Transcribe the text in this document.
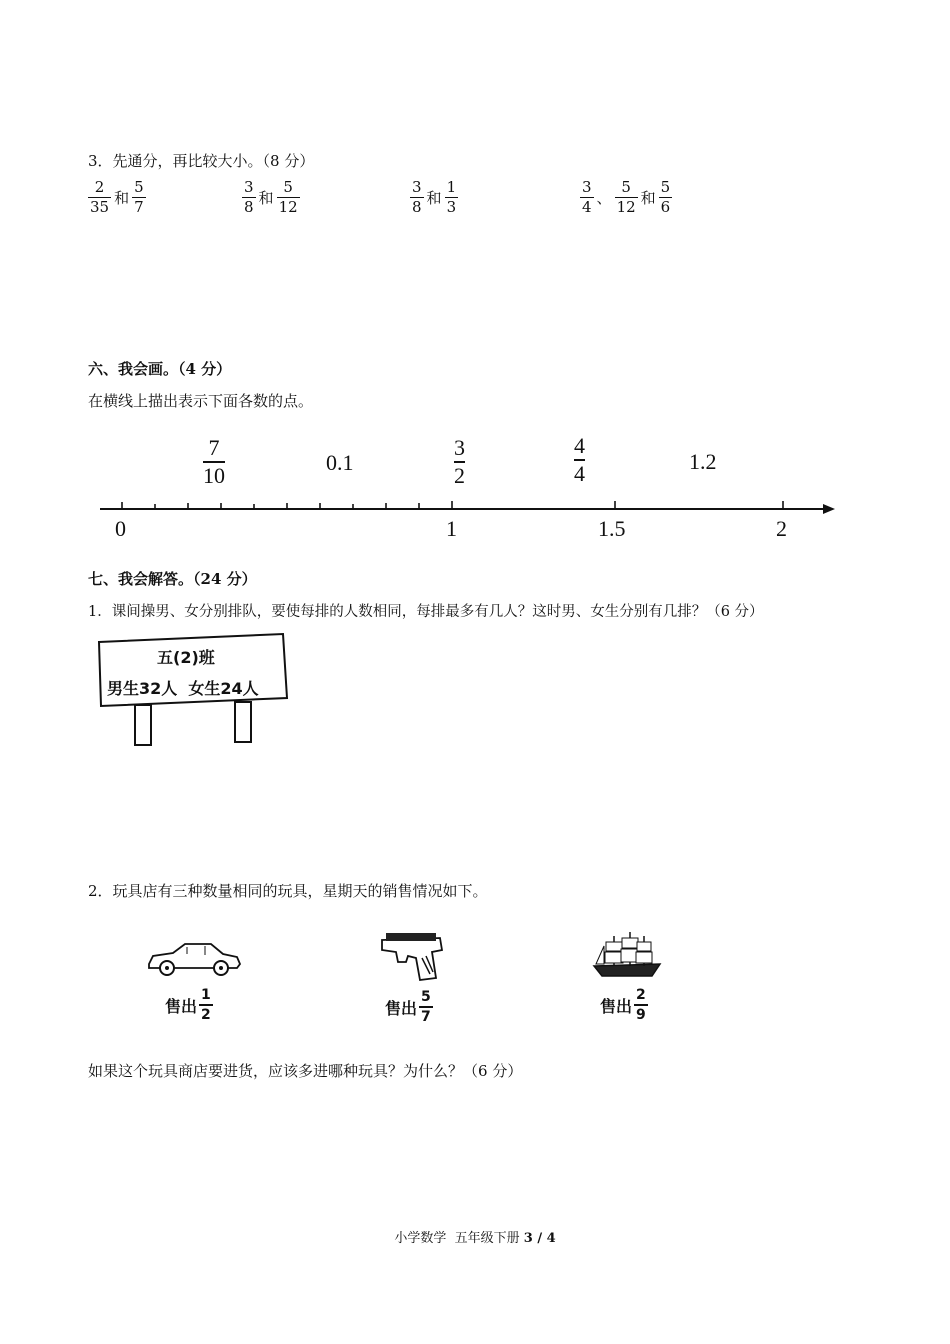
3．先通分，再比较大小。（8 分）
$\frac{2}{35}$ 和 $\frac{5}{7}$	$\frac{3}{8}$ 和 $\frac{5}{12}$	$\frac{3}{8}$ 和 $\frac{1}{3}$	$\frac{3}{4}$ 、 $\frac{5}{12}$ 和 $\frac{5}{6}$
六、我会画。（4 分）
在横线上描出表示下面各数的点。
7
10
0.1
3
2
4
4	1.2
0	1	1.5	2
七、我会解答。（24 分）
1．课间操男、女分别排队，要使每排的人数相同，每排最多有几人？这时男、女生分别有几排？（6 分）
五(2)班
男生32人  女生24人
2．玩具店有三种数量相同的玩具，星期天的销售情况如下。
售出 $\frac{1}{2}$	售出 $\frac{5}{7}$	售出 $\frac{2}{9}$
如果这个玩具商店要进货，应该多进哪种玩具？为什么？（6 分）
小学数学  五年级下册 3 / 4
